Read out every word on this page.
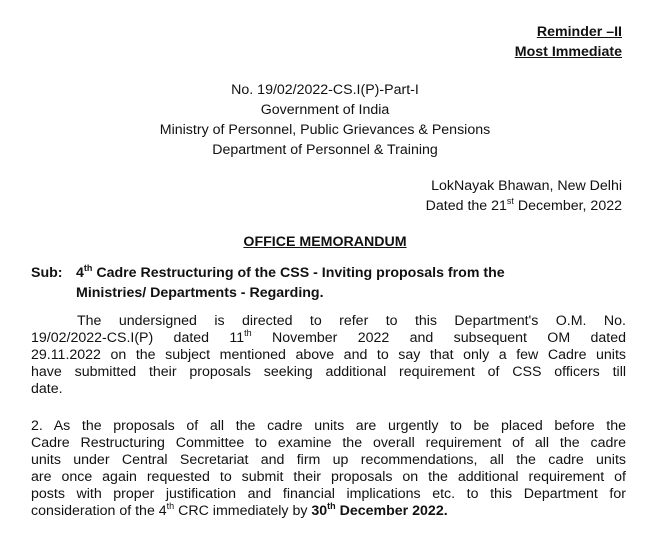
Reminder –II
Most Immediate
No. 19/02/2022-CS.I(P)-Part-I
Government of India
Ministry of Personnel, Public Grievances & Pensions
Department of Personnel & Training
LokNayak Bhawan, New Delhi
Dated the 21st December, 2022
OFFICE MEMORANDUM
Sub: 4th Cadre Restructuring of the CSS - Inviting proposals from the
Ministries/ Departments - Regarding.
The undersigned is directed to refer to this Department's O.M. No.
19/02/2022-CS.I(P) dated 11th November 2022 and subsequent OM dated
29.11.2022 on the subject mentioned above and to say that only a few Cadre units
have submitted their proposals seeking additional requirement of CSS officers till
date.
2. As the proposals of all the cadre units are urgently to be placed before the
Cadre Restructuring Committee to examine the overall requirement of all the cadre
units under Central Secretariat and firm up recommendations, all the cadre units
are once again requested to submit their proposals on the additional requirement of
posts with proper justification and financial implications etc. to this Department for
consideration of the 4th CRC immediately by 30th December 2022.
